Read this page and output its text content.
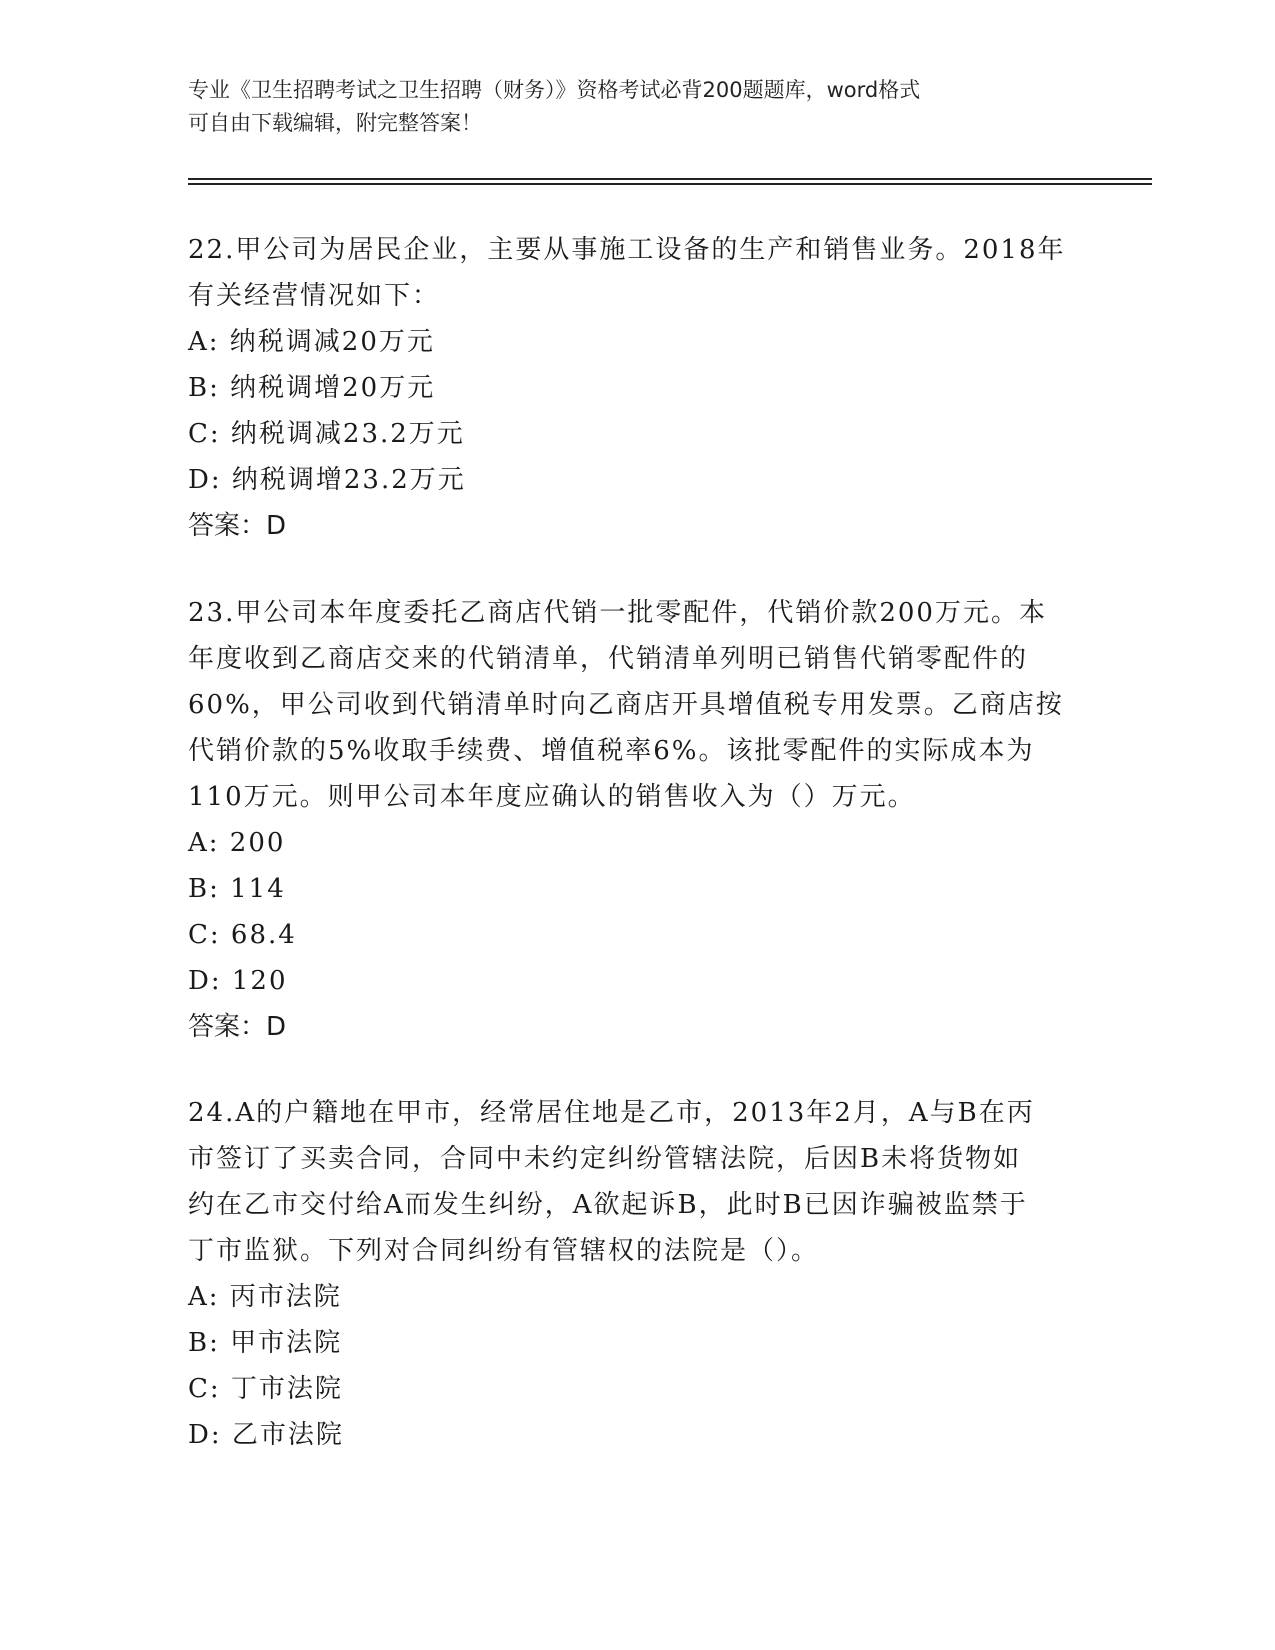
专业《卫生招聘考试之卫生招聘（财务）》资格考试必背200题题库，word格式
可自由下载编辑，附完整答案！

22.甲公司为居民企业，主要从事施工设备的生产和销售业务。2018年

有关经营情况如下：

A: 纳税调减20万元

B: 纳税调增20万元

C: 纳税调减23.2万元

D: 纳税调增23.2万元

答案：D

23.甲公司本年度委托乙商店代销一批零配件，代销价款200万元。本

年度收到乙商店交来的代销清单，代销清单列明已销售代销零配件的

60%，甲公司收到代销清单时向乙商店开具增值税专用发票。乙商店按

代销价款的5%收取手续费、增值税率6%。该批零配件的实际成本为

110万元。则甲公司本年度应确认的销售收入为（）万元。

A: 200

B: 114

C: 68.4

D: 120

答案：D

24.A的户籍地在甲市，经常居住地是乙市，2013年2月，A与B在丙

市签订了买卖合同，合同中未约定纠纷管辖法院，后因B未将货物如

约在乙市交付给A而发生纠纷，A欲起诉B，此时B已因诈骗被监禁于

丁市监狱。下列对合同纠纷有管辖权的法院是（）。

A: 丙市法院

B: 甲市法院

C: 丁市法院

D: 乙市法院
